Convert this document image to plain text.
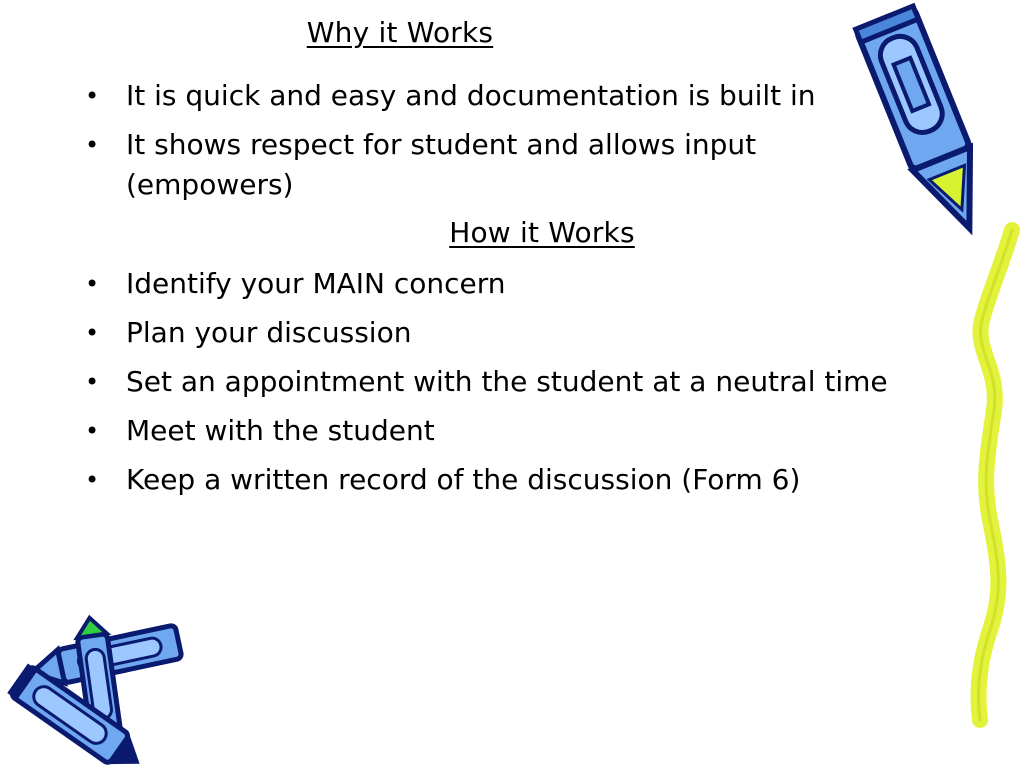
Why it Works
• It is quick and easy and documentation is built in
• It shows respect for student and allows input (empowers)
How it Works
• Identify your MAIN concern
• Plan your discussion
• Set an appointment with the student at a neutral time
• Meet with the student
• Keep a written record of the discussion (Form 6)
